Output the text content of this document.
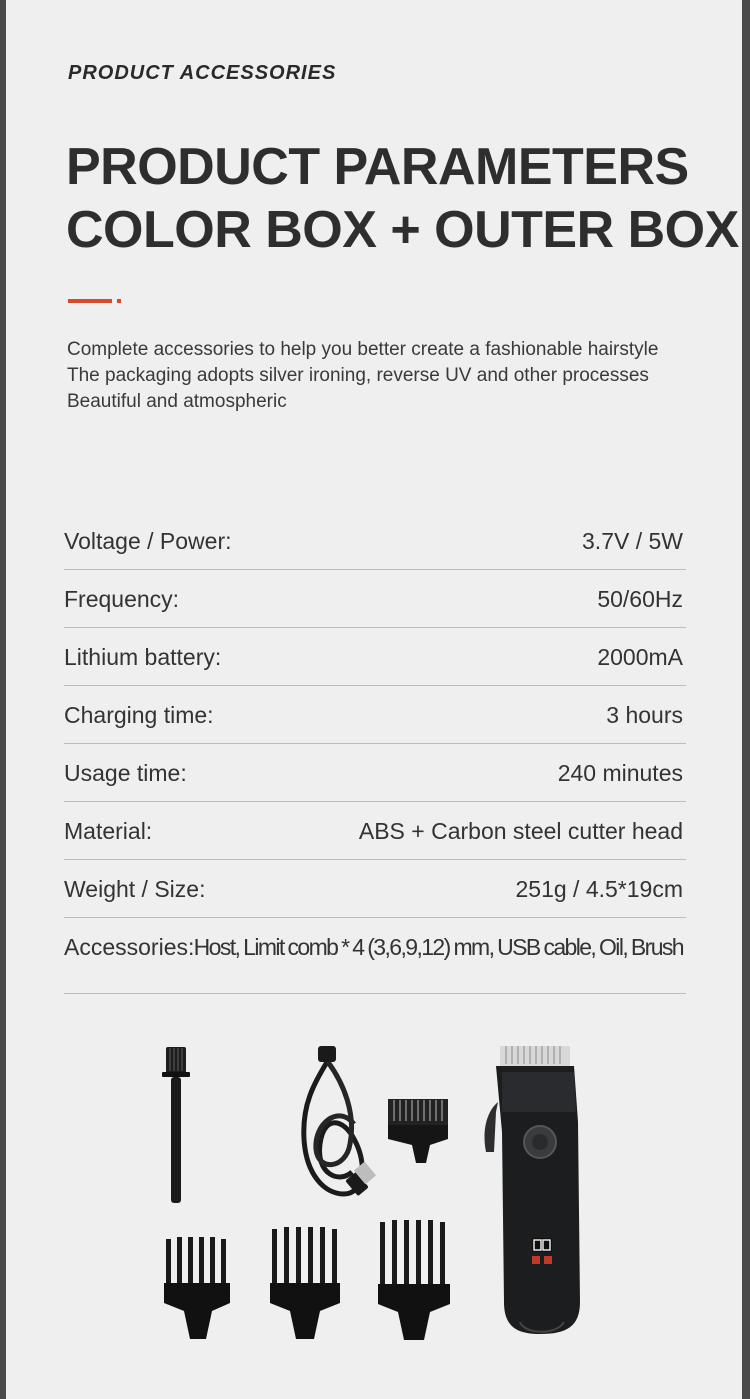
PRODUCT ACCESSORIES
PRODUCT PARAMETERS
COLOR BOX + OUTER BOX
Complete accessories to help you better create a fashionable hairstyle
The packaging adopts silver ironing, reverse UV and other processes
Beautiful and atmospheric
Voltage / Power:	3.7V / 5W
Frequency:	50/60Hz
Lithium battery:	2000mA
Charging time:	3 hours
Usage time:	240 minutes
Material:	ABS + Carbon steel cutter head
Weight / Size:	251g / 4.5*19cm
Accessories: Host, Limit comb * 4 (3,6,9,12) mm, USB cable, Oil, Brush
